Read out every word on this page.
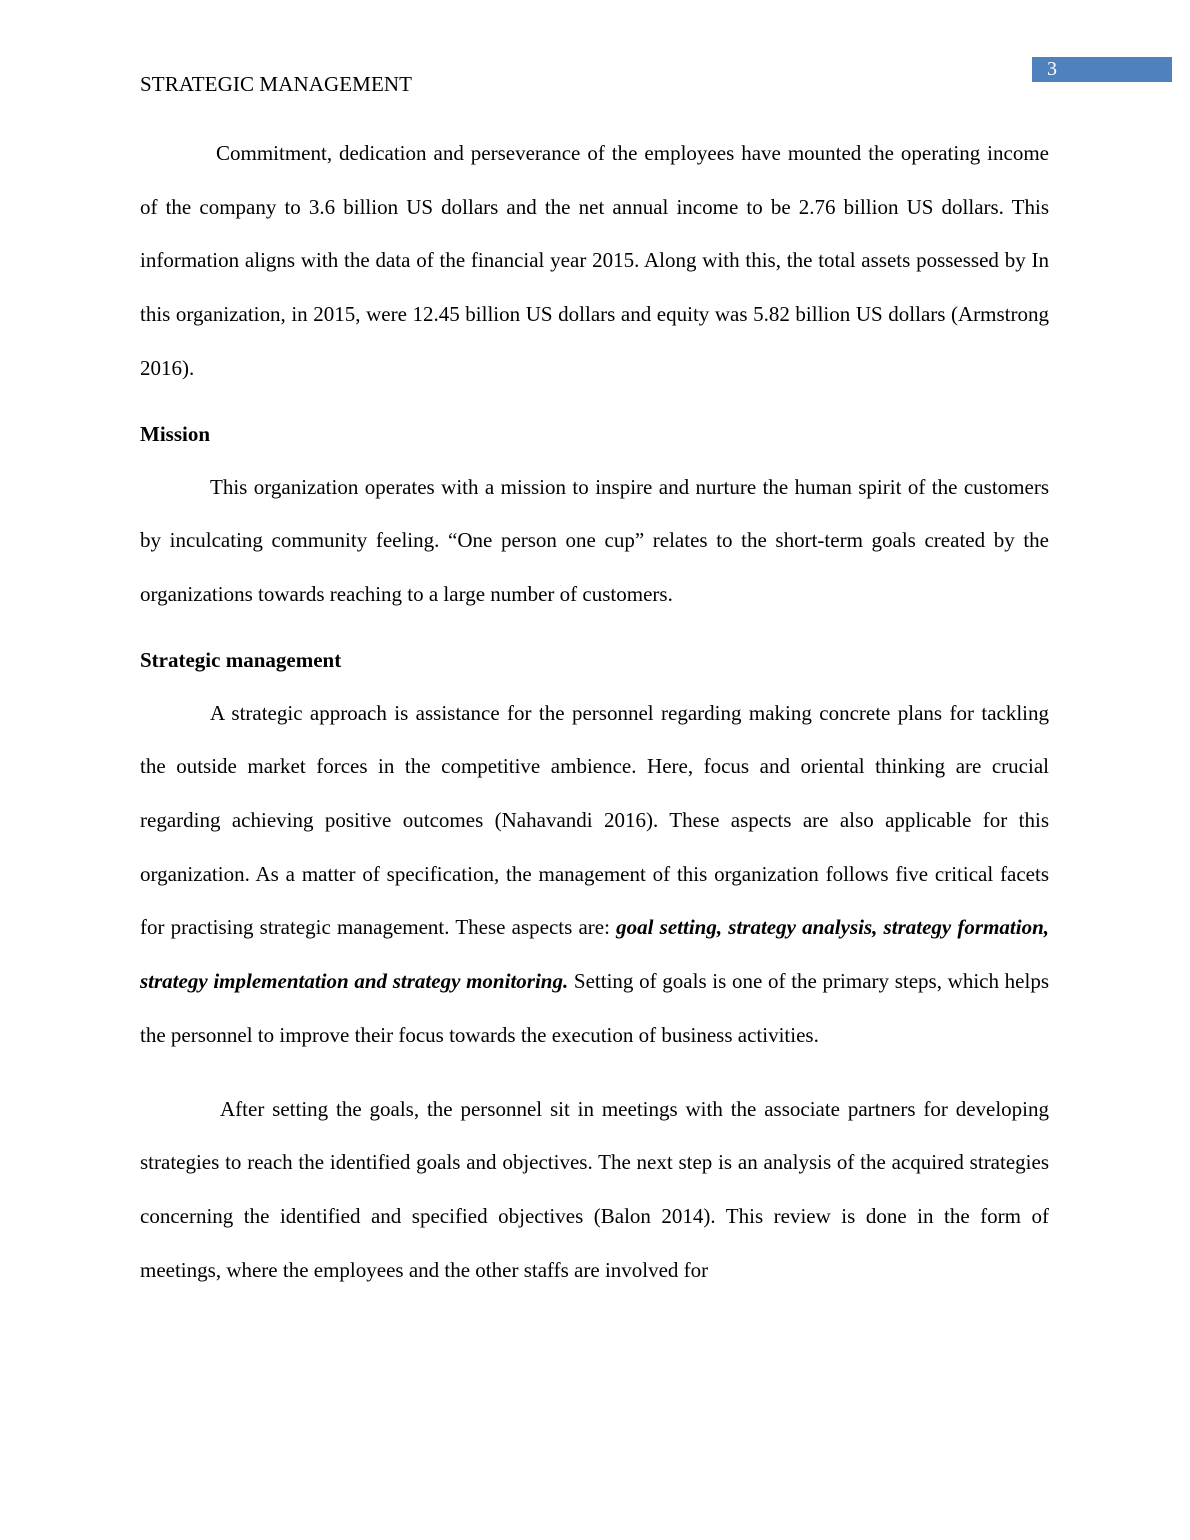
3
STRATEGIC MANAGEMENT

Commitment, dedication and perseverance of the employees have mounted the operating income of the company to 3.6 billion US dollars and the net annual income to be 2.76 billion US dollars. This information aligns with the data of the financial year 2015. Along with this, the total assets possessed by In this organization, in 2015, were 12.45 billion US dollars and equity was 5.82 billion US dollars (Armstrong 2016).

Mission

This organization operates with a mission to inspire and nurture the human spirit of the customers by inculcating community feeling. “One person one cup” relates to the short-term goals created by the organizations towards reaching to a large number of customers.

Strategic management

A strategic approach is assistance for the personnel regarding making concrete plans for tackling the outside market forces in the competitive ambience. Here, focus and oriental thinking are crucial regarding achieving positive outcomes (Nahavandi 2016). These aspects are also applicable for this organization. As a matter of specification, the management of this organization follows five critical facets for practising strategic management. These aspects are: goal setting, strategy analysis, strategy formation, strategy implementation and strategy monitoring. Setting of goals is one of the primary steps, which helps the personnel to improve their focus towards the execution of business activities.

After setting the goals, the personnel sit in meetings with the associate partners for developing strategies to reach the identified goals and objectives. The next step is an analysis of the acquired strategies concerning the identified and specified objectives (Balon 2014). This review is done in the form of meetings, where the employees and the other staffs are involved for
